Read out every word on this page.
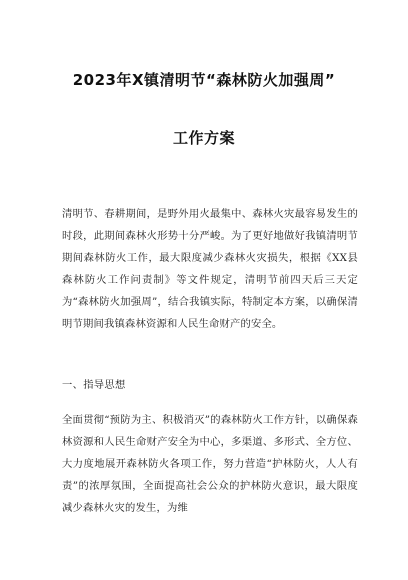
2023年X镇清明节“森林防火加强周”
工作方案
清明节、春耕期间，是野外用火最集中、森林火灾最容易发生的时段，此期间森林火形势十分严峻。为了更好地做好我镇清明节期间森林防火工作，最大限度减少森林火灾损失，根据《XX县森林防火工作问责制》等文件规定，清明节前四天后三天定为“森林防火加强周”，结合我镇实际，特制定本方案，以确保清明节期间我镇森林资源和人民生命财产的安全。
一、指导思想
全面贯彻“预防为主、积极消灭”的森林防火工作方针，以确保森林资源和人民生命财产安全为中心，多渠道、多形式、全方位、大力度地展开森林防火各项工作，努力营造“护林防火，人人有责”的浓厚氛围，全面提高社会公众的护林防火意识，最大限度减少森林火灾的发生，为维
